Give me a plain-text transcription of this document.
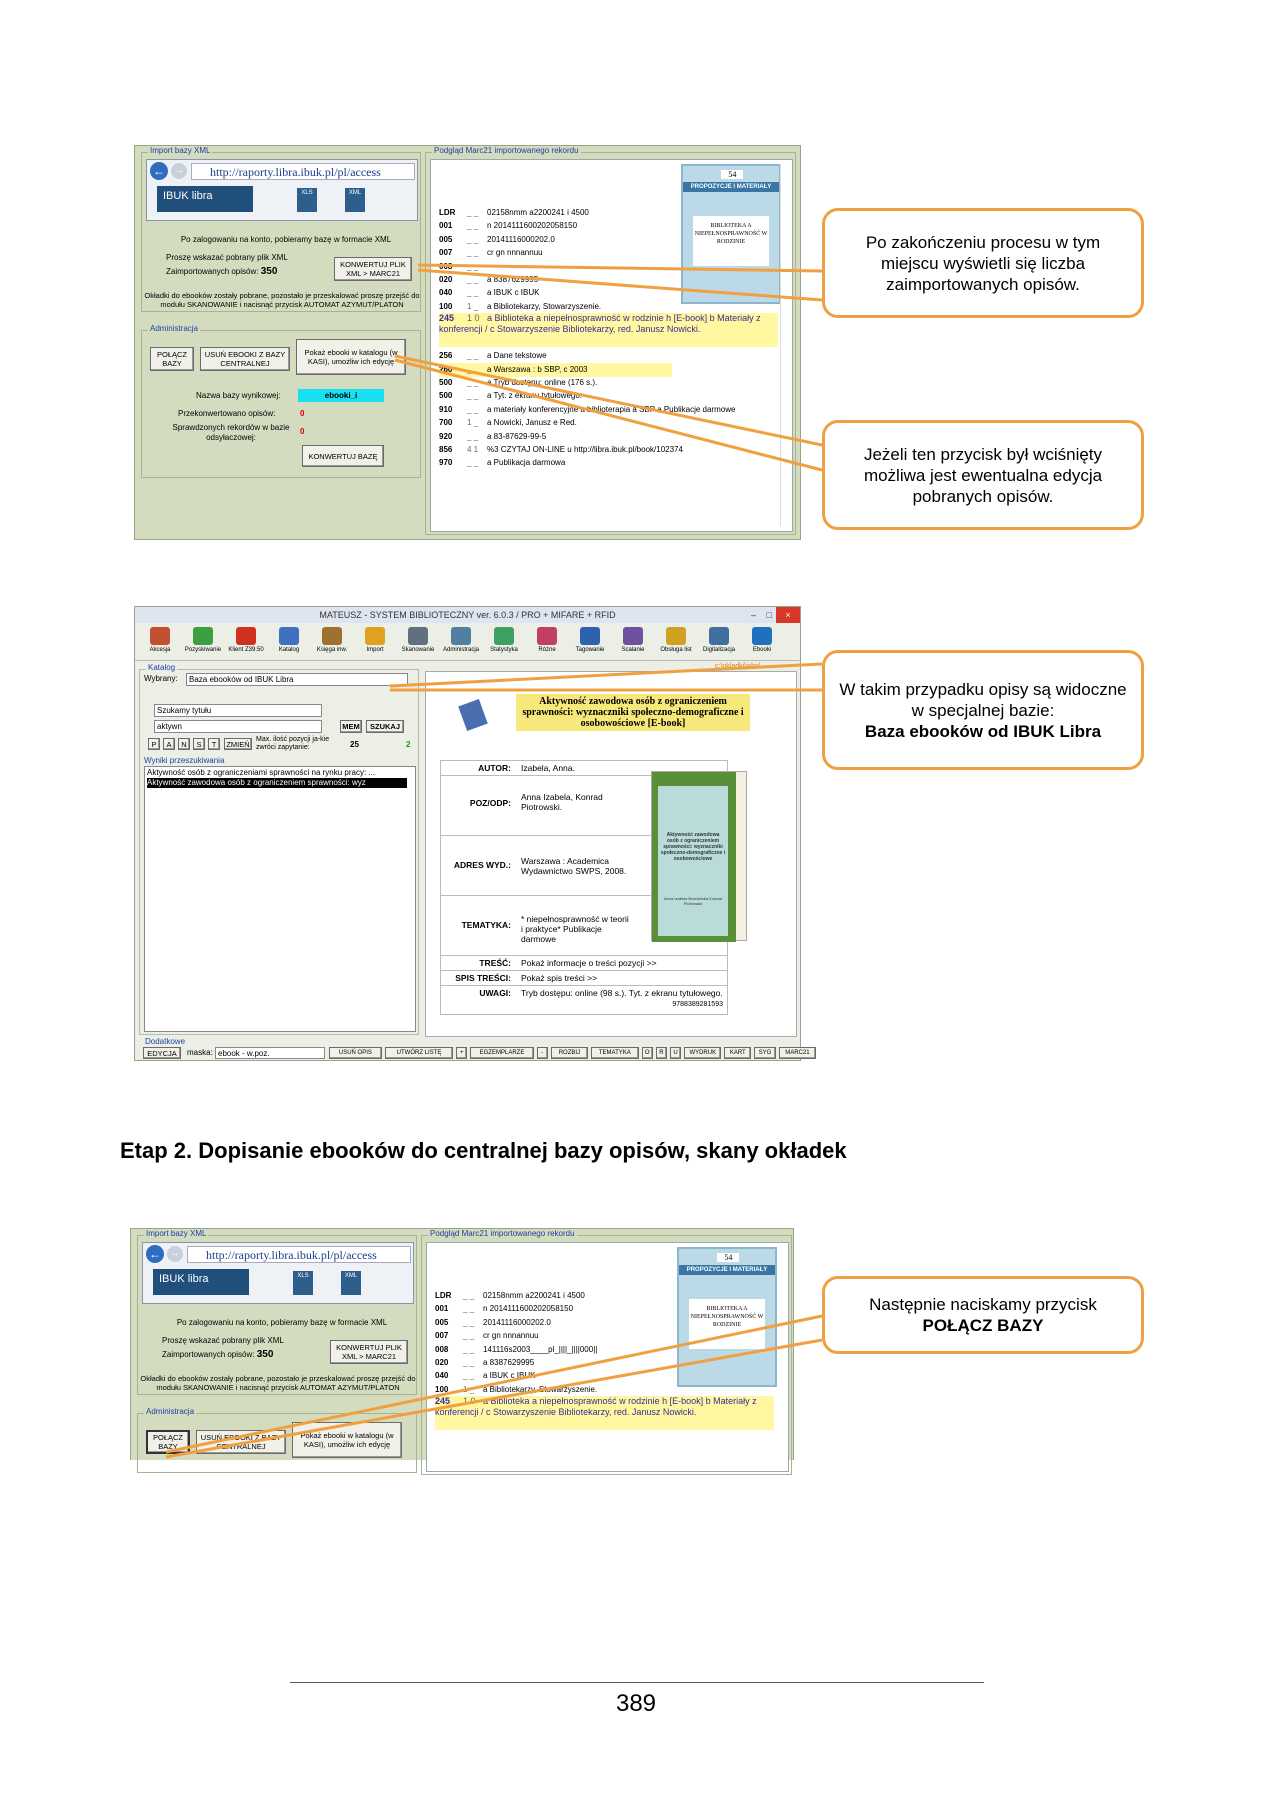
Import bazy XML
← →	http://raporty.libra.ibuk.pl/pl/access
IBUK libra	XLS	XML
Po zalogowaniu na konto, pobieramy bazę w formacie XML
Proszę wskazać pobrany plik XML
Zaimportowanych opisów: 350
KONWERTUJ PLIK XML > MARC21
Okładki do ebooków zostały pobrane, pozostało je przeskalować proszę przejść do modułu SKANOWANIE i nacisnąć przycisk AUTOMAT AZYMUT/PLATON
Administracja
POŁĄCZ BAZY
USUŃ EBOOKI Z BAZY CENTRALNEJ
Pokaż ebooki w katalogu (w KASI), umożliw ich edycję
Nazwa bazy wynikowej:	ebooki_i
Przekonwertowano opisów:	0
Sprawdzonych rekordów w bazie odsyłaczowej:
0
KONWERTUJ BAZĘ
Podgląd Marc21 importowanego rekordu
54
PROPOZYCJE I MATERIAŁY
BIBLIOTEKA A NIEPEŁNOSPRAWNOŚĆ W RODZINIE
LDR _ _ 02158nmm a2200241 i 4500
001 _ _ n 2014111600202058150
005 _ _ 20141116000202.0
007 _ _ cr gn nnnannuu
008 _ _
020 _ _ a 8387629995
040 _ _ a IBUK c IBUK
100 1 _ a Bibliotekarzy, Stowarzyszenie.
245 1 0 a Biblioteka a niepełnosprawność w rodzinie h [E-book] b Materiały z konferencji / c Stowarzyszenie Bibliotekarzy, red. Janusz Nowicki.
256 _ _ a Dane tekstowe
260 _ _ a Warszawa : b SBP, c 2003
500 _ _ a Tryb dostępu: online (176 s.).
500 _ _ a Tyt. z ekranu tytułowego.
910 _ _ a materiały konferencyjne a biblioterapia a SBP a Publikacje darmowe
700 1 _ a Nowicki, Janusz e Red.
920 _ _ a 83-87629-99-5
856 4 1 %3 CZYTAJ ON-LINE u http://libra.ibuk.pl/book/102374
970 _ _ a Publikacja darmowa
Po zakończeniu procesu w tym miejscu wyświetli się liczba zaimportowanych opisów.
Jeżeli ten przycisk był wciśnięty możliwa jest ewentualna edycja pobranych opisów.
MATEUSZ - SYSTEM BIBLIOTECZNY ver. 6.0.3 / PRO + MIFARE + RFID	– □	×
Akcesja	Pozyskiwanie	Klient Z39.50	Katalog	Księga inw.	Import	Skanowanie	Administracja	Statystyka	Różne	Tagowanie	Scalanie	Obsługa list	Digitalizacja	Ebooki
Katalog
Wybrany:	Baza ebooków od IBUK Libra
Szukamy tytułu
aktywn	MEM	SZUKAJ
P	A	N	S	T	ZMIEŃ Max. ilość pozycji ja-kie zwróci zapytanie:	25	2
Wyniki przeszukiwania
Aktywność osób z ograniczeniami sprawności na rynku pracy: ...
Aktywność zawodowa osób z ograniczeniem sprawności: wyz
c:\okladki\isbn\
Aktywność zawodowa osób z ograniczeniem sprawności: wyznaczniki społeczno-demograficzne i osobowościowe [E-book]
AUTOR:	Izabela, Anna.
POZ/ODP:
Anna Izabela, Konrad Piotrowski.
ADRES WYD.:	Warszawa : Academica Wydawnictwo SWPS, 2008.
TEMATYKA:
* niepełnosprawność w teorii i praktyce* Publikacje darmowe
TREŚĆ:	Pokaż informacje o treści pozycji >>
SPIS TREŚCI:	Pokaż spis treści >>
UWAGI:	Tryb dostępu: online (98 s.). Tyt. z ekranu tytułowego.
9788389281593
Aktywność zawodowa osób z ograniczeniem sprawności: wyznaczniki społeczno-demograficzne i osobowościowe
Anna Izabela Brzezińska Konrad Piotrowski
Dodatkowe
EDYCJA	maska: ebook - w.poz.	USUŃ OPIS	UTWÓRZ LISTĘ	+	EGZEMPLARZE	-	ROZBIJ	TEMATYKA	O	R	U	WYDRUK	KART	SYG	MARC21
W takim przypadku opisy są widoczne w specjalnej bazie:
Baza ebooków od IBUK Libra
Etap 2. Dopisanie ebooków do centralnej bazy opisów, skany okładek
Import bazy XML
← →	http://raporty.libra.ibuk.pl/pl/access
IBUK libra	XLS	XML
Po zalogowaniu na konto, pobieramy bazę w formacie XML
Proszę wskazać pobrany plik XML
Zaimportowanych opisów: 350
KONWERTUJ PLIK XML > MARC21
Okładki do ebooków zostały pobrane, pozostało je przeskalować proszę przejść do modułu SKANOWANIE i nacisnąć przycisk AUTOMAT AZYMUT/PLATON
Administracja
POŁĄCZ BAZY
USUŃ EBOOKI Z BAZY CENTRALNEJ
Pokaż ebooki w katalogu (w KASI), umożliw ich edycję
Podgląd Marc21 importowanego rekordu
54
PROPOZYCJE I MATERIAŁY
BIBLIOTEKA A NIEPEŁNOSPRAWNOŚĆ W RODZINIE
LDR _ _ 02158nmm a2200241 i 4500
001 _ _ n 2014111600202058150
005 _ _ 20141116000202.0
007 _ _ cr gn nnnannuu
008 _ _ 141116s2003____pl_||||_||||000||
020 _ _ a 8387629995
040 _ _ a IBUK c IBUK
100 1 _ a Bibliotekarzy, Stowarzyszenie.
245 1 0 a Biblioteka a niepełnosprawność w rodzinie h [E-book] b Materiały z konferencji / c Stowarzyszenie Bibliotekarzy, red. Janusz Nowicki.
Następnie naciskamy przycisk
POŁĄCZ BAZY
389
